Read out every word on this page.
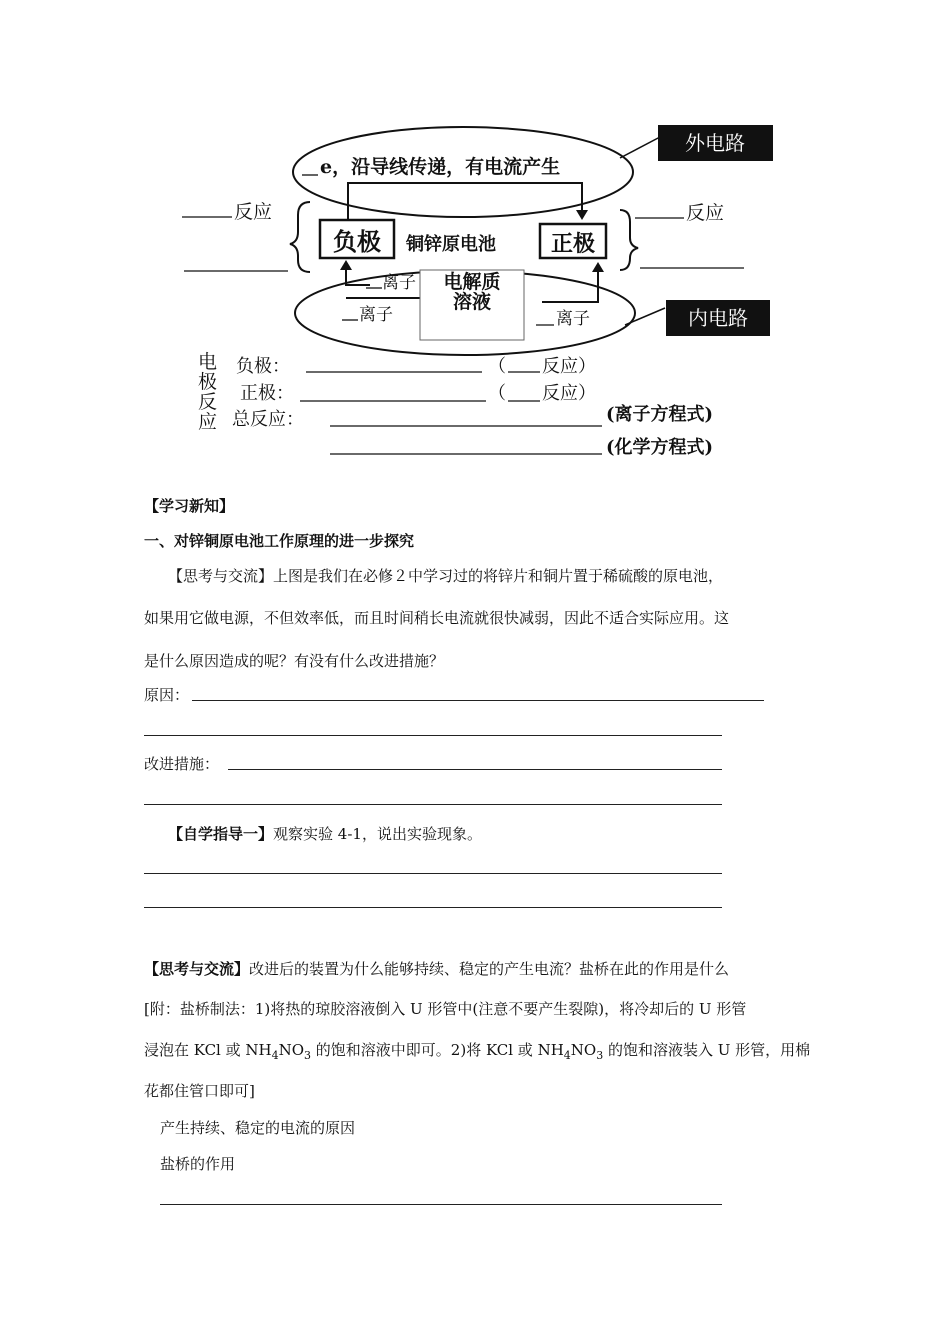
外电路
内电路
e，沿导线传递，有电流产生
反应
负极 铜锌原电池 正极
反应
离子
离子
电解质
溶液
离子
电
极
反
应
负极：	（ 反应）
正极：	（ 反应）
总反应：	(离子方程式)
(化学方程式)
【学习新知】
一、对锌铜原电池工作原理的进一步探究
【思考与交流】上图是我们在必修２中学习过的将锌片和铜片置于稀硫酸的原电池，
如果用它做电源，不但效率低，而且时间稍长电流就很快减弱，因此不适合实际应用。这
是什么原因造成的呢？有没有什么改进措施？
原因：
改进措施：
【自学指导一】观察实验 4-1，说出实验现象。
【思考与交流】改进后的装置为什么能够持续、稳定的产生电流？盐桥在此的作用是什么
[附：盐桥制法：1)将热的琼胶溶液倒入 U 形管中(注意不要产生裂隙)，将冷却后的 U 形管
浸泡在 KCl 或 $NH_4NO_3$ 的饱和溶液中即可。2)将 KCl 或 $NH_4NO_3$ 的饱和溶液装入 U 形管，用棉
花都住管口即可]
产生持续、稳定的电流的原因
盐桥的作用
